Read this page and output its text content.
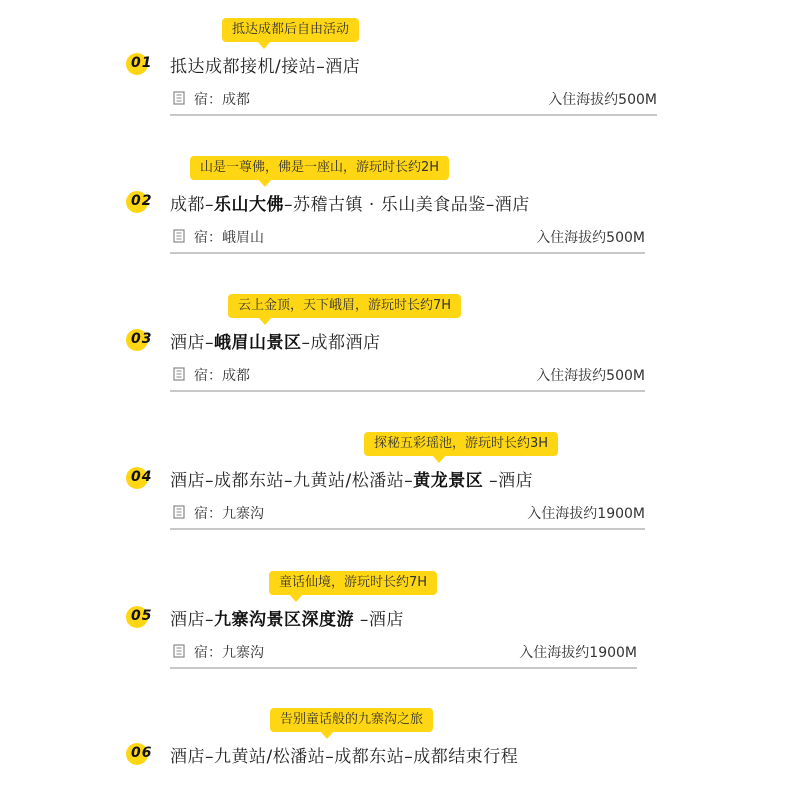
抵达成都后自由活动
01 抵达成都接机/接站–酒店
宿：成都	入住海拔约500M
山是一尊佛，佛是一座山，游玩时长约2H
02 成都–乐山大佛–苏稽古镇 · 乐山美食品鉴–酒店
宿：峨眉山	入住海拔约500M
云上金顶，天下峨眉，游玩时长约7H
03 酒店–峨眉山景区–成都酒店
宿：成都	入住海拔约500M
探秘五彩瑶池，游玩时长约3H
04 酒店–成都东站–九黄站/松潘站–黄龙景区 –酒店
宿：九寨沟	入住海拔约1900M
童话仙境，游玩时长约7H
05 酒店–九寨沟景区深度游 –酒店
宿：九寨沟	入住海拔约1900M
告别童话般的九寨沟之旅
06 酒店–九黄站/松潘站–成都东站–成都结束行程
